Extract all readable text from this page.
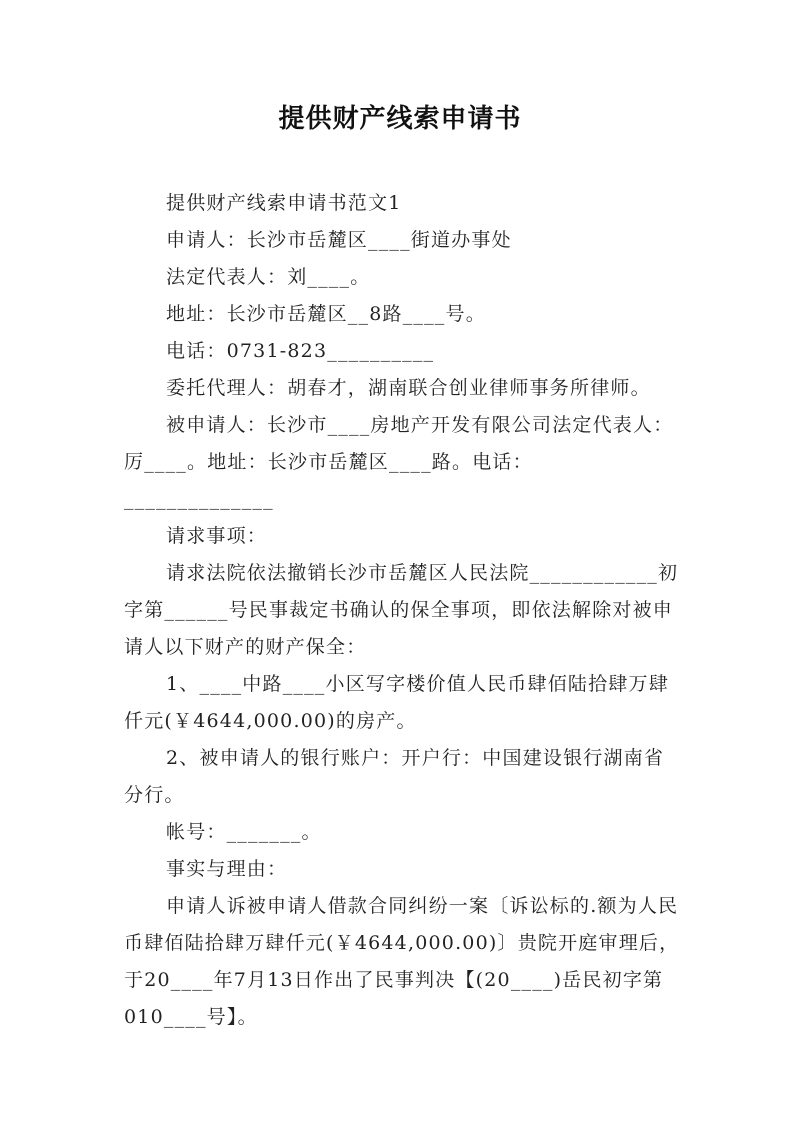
提供财产线索申请书

提供财产线索申请书范文1

申请人：长沙市岳麓区____街道办事处

法定代表人：刘____。

地址：长沙市岳麓区__8路____号。

电话：0731-823__________

委托代理人：胡春才，湖南联合创业律师事务所律师。

被申请人：长沙市____房地产开发有限公司法定代表人：厉____。地址：长沙市岳麓区____路。电话：______________

请求事项：

请求法院依法撤销长沙市岳麓区人民法院____________初字第______号民事裁定书确认的保全事项，即依法解除对被申请人以下财产的财产保全：

1、____中路____小区写字楼价值人民币肆佰陆拾肆万肆仟元(￥4644,000.00)的房产。

2、被申请人的银行账户：开户行：中国建设银行湖南省分行。

帐号：_______。

事实与理由：

申请人诉被申请人借款合同纠纷一案〔诉讼标的.额为人民币肆佰陆拾肆万肆仟元(￥4644,000.00)〕贵院开庭审理后，于20____年7月13日作出了民事判决【(20____)岳民初字第010____号】。
